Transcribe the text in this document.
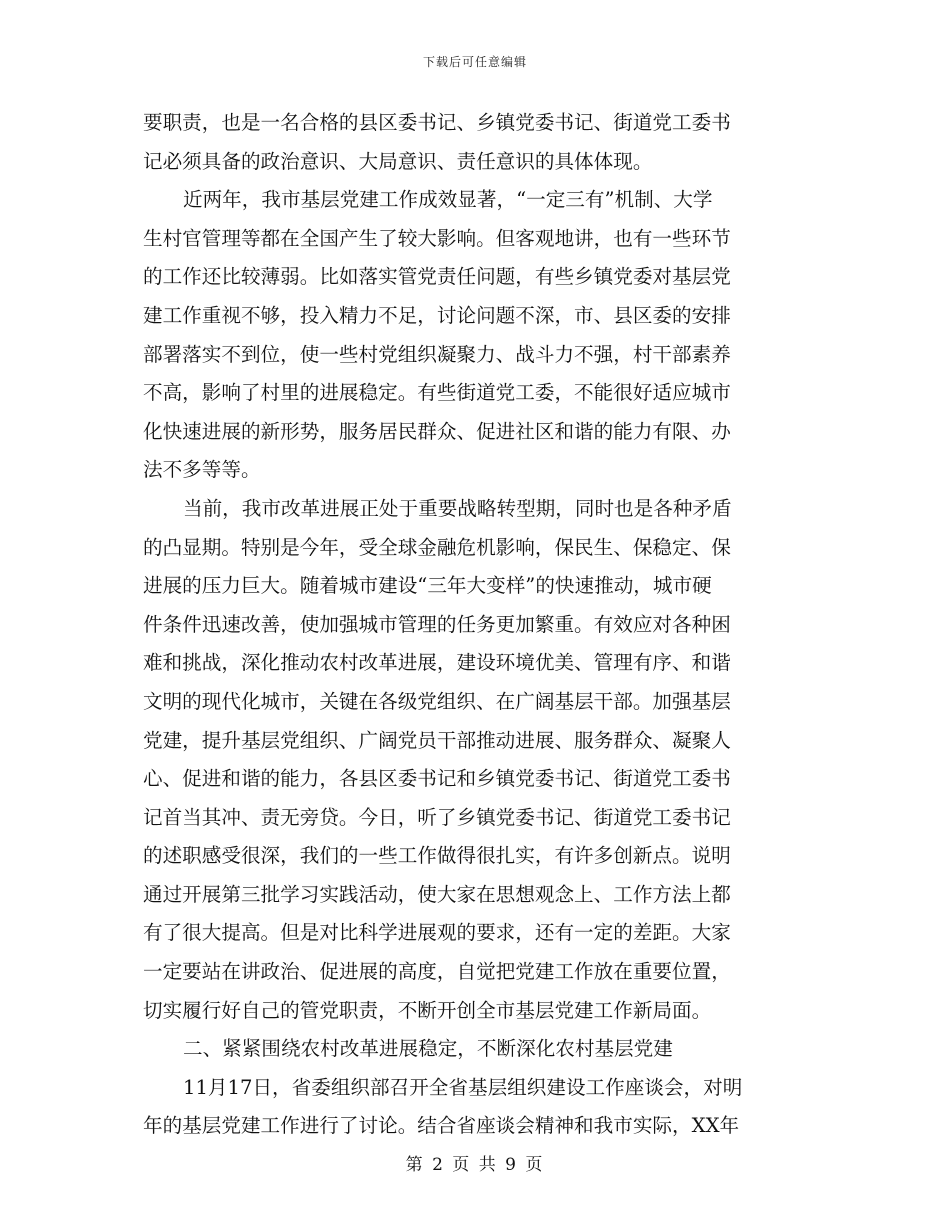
下载后可任意编辑
要职责，也是一名合格的县区委书记、乡镇党委书记、街道党工委书
记必须具备的政治意识、大局意识、责任意识的具体体现。
近两年，我市基层党建工作成效显著，“一定三有”机制、大学
生村官管理等都在全国产生了较大影响。但客观地讲，也有一些环节
的工作还比较薄弱。比如落实管党责任问题，有些乡镇党委对基层党
建工作重视不够，投入精力不足，讨论问题不深，市、县区委的安排
部署落实不到位，使一些村党组织凝聚力、战斗力不强，村干部素养
不高，影响了村里的进展稳定。有些街道党工委，不能很好适应城市
化快速进展的新形势，服务居民群众、促进社区和谐的能力有限、办
法不多等等。
当前，我市改革进展正处于重要战略转型期，同时也是各种矛盾
的凸显期。特别是今年，受全球金融危机影响，保民生、保稳定、保
进展的压力巨大。随着城市建设“三年大变样”的快速推动，城市硬
件条件迅速改善，使加强城市管理的任务更加繁重。有效应对各种困
难和挑战，深化推动农村改革进展，建设环境优美、管理有序、和谐
文明的现代化城市，关键在各级党组织、在广阔基层干部。加强基层
党建，提升基层党组织、广阔党员干部推动进展、服务群众、凝聚人
心、促进和谐的能力，各县区委书记和乡镇党委书记、街道党工委书
记首当其冲、责无旁贷。今日，听了乡镇党委书记、街道党工委书记
的述职感受很深，我们的一些工作做得很扎实，有许多创新点。说明
通过开展第三批学习实践活动，使大家在思想观念上、工作方法上都
有了很大提高。但是对比科学进展观的要求，还有一定的差距。大家
一定要站在讲政治、促进展的高度，自觉把党建工作放在重要位置，
切实履行好自己的管党职责，不断开创全市基层党建工作新局面。
二、紧紧围绕农村改革进展稳定，不断深化农村基层党建
11月17日，省委组织部召开全省基层组织建设工作座谈会，对明
年的基层党建工作进行了讨论。结合省座谈会精神和我市实际，XX年
第 2 页 共 9 页
